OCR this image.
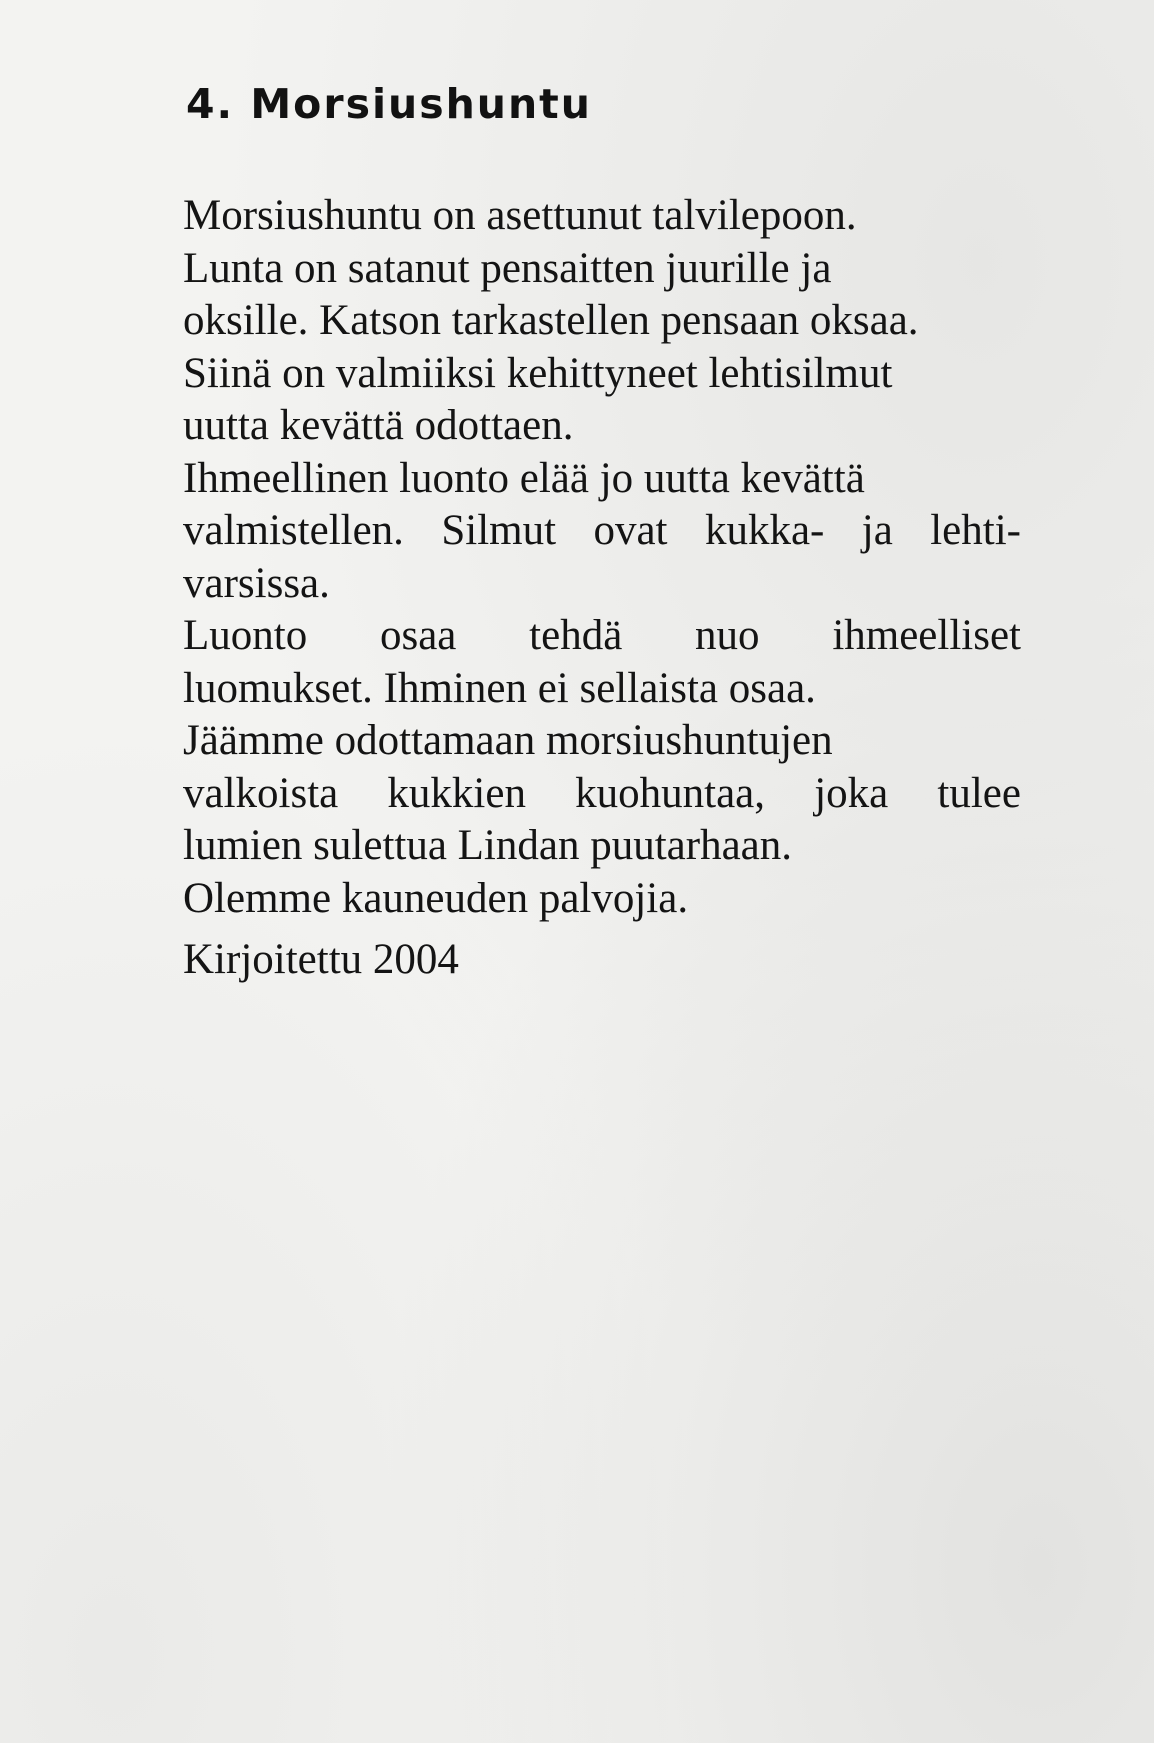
4. Morsiushuntu
Morsiushuntu on asettunut talvilepoon.
Lunta on satanut pensaitten juurille ja
oksille. Katson tarkastellen pensaan oksaa.
Siinä on valmiiksi kehittyneet lehtisilmut
uutta kevättä odottaen.
Ihmeellinen luonto elää jo uutta kevättä
valmistellen. Silmut ovat kukka- ja lehti-
varsissa.
Luonto osaa tehdä nuo ihmeelliset
luomukset. Ihminen ei sellaista osaa.
Jäämme odottamaan morsiushuntujen
valkoista kukkien kuohuntaa, joka tulee
lumien sulettua Lindan puutarhaan.
Olemme kauneuden palvojia.
Kirjoitettu 2004
